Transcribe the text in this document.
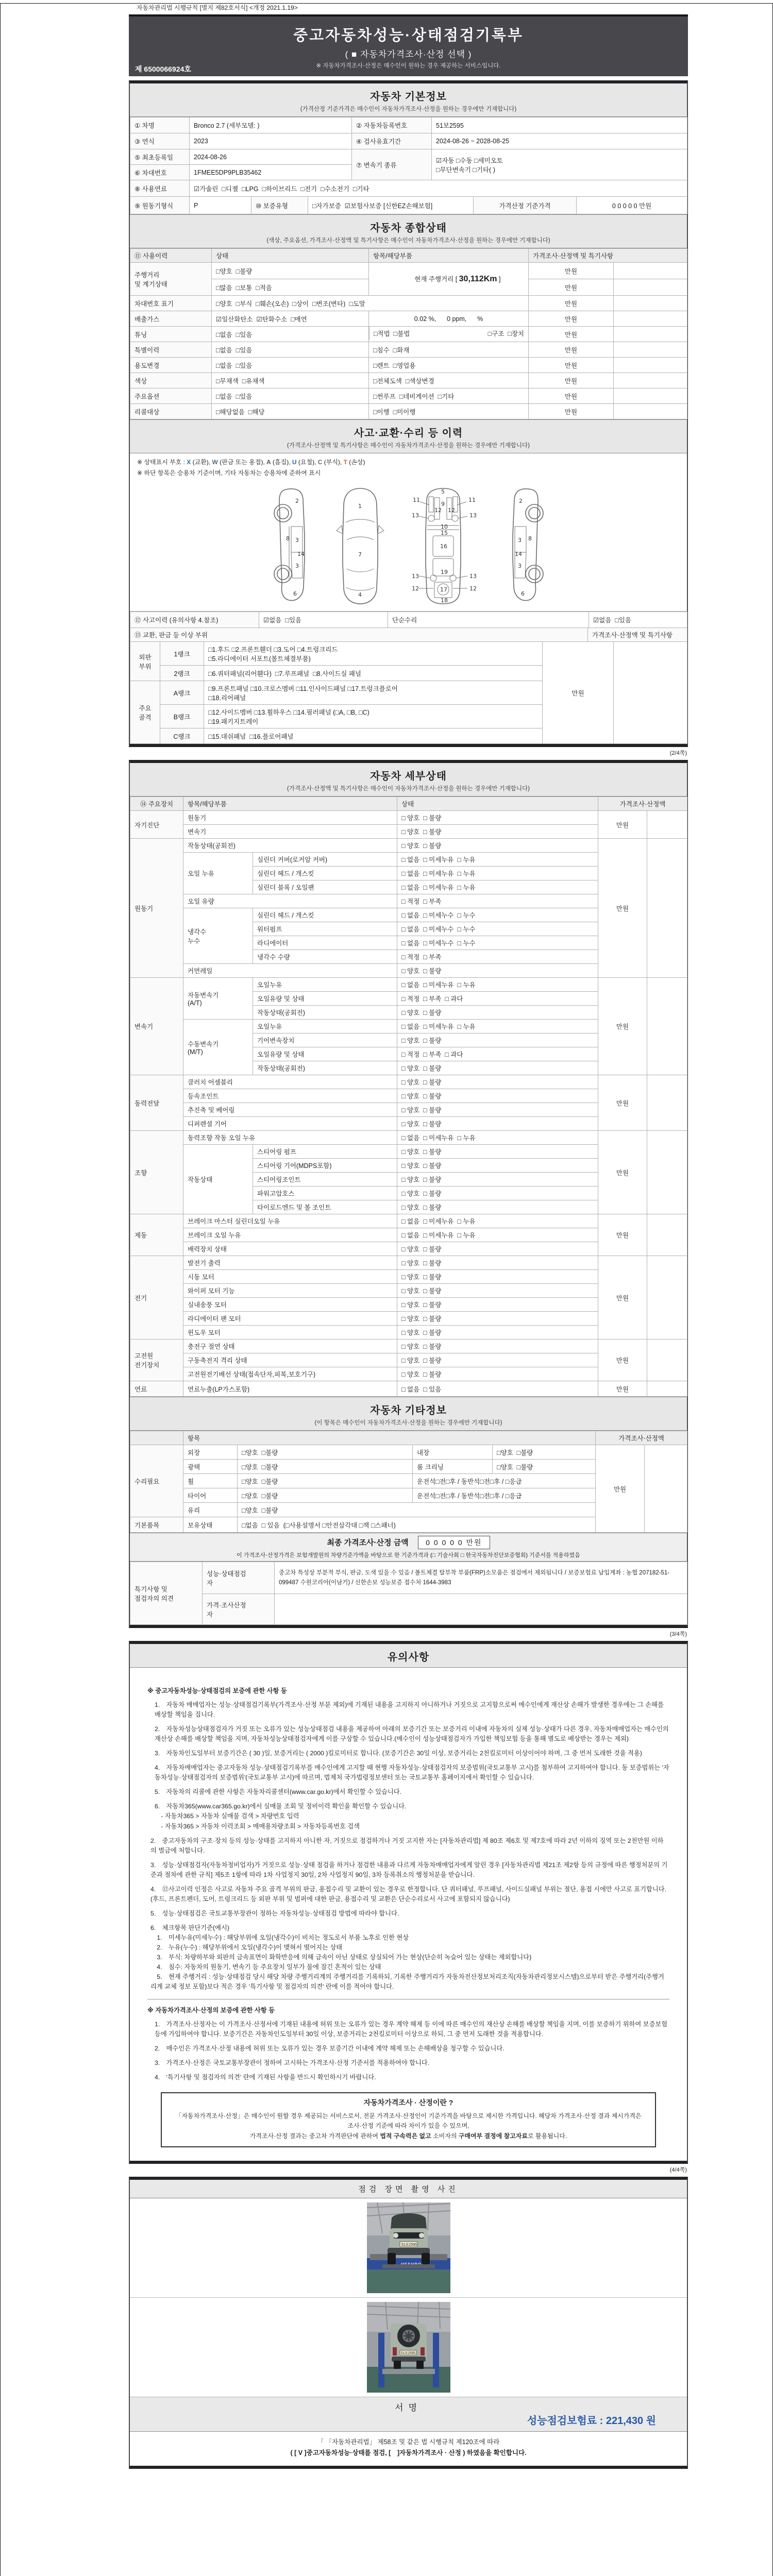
자동차관리법 시행규칙 [별지 제82호서식] <개정 2021.1.19>
중고자동차성능·상태점검기록부
( ■ 자동차가격조사·산정 선택 )
※ 자동차가격조사·산정은 매수인이 원하는 경우 제공하는 서비스입니다.
제 6500066924호
자동차 기본정보
(가격산정 기준가격은 매수인이 자동차가격조사·산정을 원하는 경우에만 기재합니다)
① 차명	Bronco 2.7 (세부모델: )	② 자동차등록번호	51보2595
③ 연식	2023	④ 검사유효기간	2024-08-26 ~ 2028-08-25
⑤ 최초등록일	2024-08-26	⑦ 변속기 종류	☑자동 □수동 □세미오토
□무단변속기 □기타( )
⑥ 차대번호	1FMEE5DP9PLB35462		
⑧ 사용연료	☑가솔린  □디젤  □LPG  □하이브리드  □전기  □수소전기  □기타		
⑨ 원동기형식	P	⑩ 보증유형	□자가보증  ☑보험사보증 [신한EZ손해보험]	가격산정 기준가격	0 0 0 0 0 만원
자동차 종합상태
(색상, 주요옵션, 가격조사·산정액 및 특기사항은 매수인이 자동차가격조사·산정을 원하는 경우에만 기재합니다)
⑪ 사용이력	상태	항목/해당부품	가격조사·산정액 및 특기사항	
주행거리
및 계기상태	□양호  □불량	현재 주행거리 [ 30,112Km ]	만원	
	□많음  □보통  □적음		만원	
차대번호 표기	□양호  □부식  □훼손(오손)  □상이  □변조(변타)  □도말		만원	
배출가스	☑일산화탄소  ☑탄화수소  □매연	0.02 %,      0 ppm,      %	만원	
튜닝	□없음  □있음		□적법  □불법	□구조  □장치	만원	
특별이력	□없음  □있음	□침수  □화재	만원	
용도변경	□없음  □있음	□렌트  □영업용	만원	
색상	□무채색  □유채색	□전체도색  □색상변경	만원	
주요옵션	□없음  □있음	□썬루프  □네비게이션  □기타	만원	
리콜대상	□해당없음  □해당	□이행  □미이행	만원	
사고·교환·수리 등 이력
(가격조사·산정액 및 특기사항은 매수인이 자동차가격조사·산정을 원하는 경우에만 기재합니다)
※ 상태표시 부호 : X (교환), W (판금 또는 용접), A (흠집), U (요철), C (부식), T (손상)
※ 하단 항목은 승용차 기준이며, 기타 자동차는 승용차에 준하여 표시
2
8 3
14
3
6
1
7
4
5
11	11
9
13
12 12
13
10
15
16
13
19
13
12	17	12
18
2
8
3
14
3
6
⑫ 사고이력 (유의사항 4.참조)	☑없음  □있음	단순수리	☑없음  □있음
⑬ 교환, 판금 등 이상 부위	가격조사·산정액 및 특기사항
외판
부위	1랭크	□1.후드 □2.프론트휀더 □3.도어 □4.트렁크리드
□5.라디에이터 서포트(볼트체결부품)	만원	
	2랭크	□6.쿼터패널(리어휀다)  □7.루프패널  □8.사이드실 패널		
주요
골격	A랭크	□9.프론트패널 □10.크로스멤버 □11.인사이드패널 □17.트렁크플로어
□18.리어패널		
	B랭크	□12.사이드멤버 □13.휠하우스 □14.필러패널 (□A, □B, □C)
□19.패키지트레이		
	C랭크	□15.대쉬패널  □16.플로어패널		
(2/4쪽)
자동차 세부상태
(가격조사·산정액 및 특기사항은 매수인이 자동차가격조사·산정을 원하는 경우에만 기재합니다)
⑭ 주요장치	항목/해당부품		상태	가격조사·산정액	
자기진단	원동기		□ 양호  □ 불량	만원	
	변속기		□ 양호  □ 불량		
원동기	작동상태(공회전)		□ 양호  □ 불량	만원	
	오일 누유	실린더 커버(로커암 커버)	□ 없음  □ 미세누유  □ 누유		
		실린더 헤드 / 개스킷	□ 없음  □ 미세누유  □ 누유		
		실린더 블록 / 오일팬	□ 없음  □ 미세누유  □ 누유		
	오일 유량		□ 적정  □ 부족		
	냉각수
누수	실린더 헤드 / 개스킷	□ 없음  □ 미세누수  □ 누수		
		워터펌프	□ 없음  □ 미세누수  □ 누수		
		라디에이터	□ 없음  □ 미세누수  □ 누수		
		냉각수 수량	□ 적정  □ 부족		
	커먼레일		□ 양호  □ 불량		
변속기	자동변속기
(A/T)	오일누유	□ 없음  □ 미세누유  □ 누유	만원	
		오일유량 및 상태	□ 적정  □ 부족  □ 과다		
		작동상태(공회전)	□ 양호  □ 불량		
	수동변속기
(M/T)	오일누유	□ 없음  □ 미세누유  □ 누유		
		기어변속장치	□ 양호  □ 불량		
		오일유량 및 상태	□ 적정  □ 부족  □ 과다		
		작동상태(공회전)	□ 양호  □ 불량		
동력전달	클러치 어셈블리		□ 양호  □ 불량	만원	
	등속조인트		□ 양호  □ 불량		
	추진축 및 베어링		□ 양호  □ 불량		
	디퍼렌셜 기어		□ 양호  □ 불량		
조향	동력조향 작동 오일 누유		□ 없음  □ 미세누유  □ 누유	만원	
	작동상태	스티어링 펌프	□ 양호  □ 불량		
		스티어링 기어(MDPS포함)	□ 양호  □ 불량		
		스티어링조인트	□ 양호  □ 불량		
		파워고압호스	□ 양호  □ 불량		
		타이로드엔드 및 볼 조인트	□ 양호  □ 불량		
제동	브레이크 마스터 실린더오일 누유		□ 없음  □ 미세누유  □ 누유	만원	
	브레이크 오일 누유		□ 없음  □ 미세누유  □ 누유		
	배력장치 상태		□ 양호  □ 불량		
전기	발전기 출력		□ 양호  □ 불량	만원	
	시동 모터		□ 양호  □ 불량		
	와이퍼 모터 기능		□ 양호  □ 불량		
	실내송풍 모터		□ 양호  □ 불량		
	라디에이터 팬 모터		□ 양호  □ 불량		
	윈도우 모터		□ 양호  □ 불량		
고전원
전기장치	충전구 절연 상태		□ 양호  □ 불량	만원	
	구동축전지 격리 상태		□ 양호  □ 불량		
	고전원전기배선 상태(접속단자,피복,보호기구)		□ 양호  □ 불량		
연료	연료누출(LP가스포함)		□ 없음  □ 있음	만원	
자동차 기타정보
(이 항목은 매수인이 자동차가격조사·산정을 원하는 경우에만 기재합니다)
	항목				가격조사·산정액	
수리필요	외장	□양호  □불량	내장	□양호  □불량	만원	
	광택	□양호  □불량	룸 크리닝	□양호  □불량		
	휠	□양호  □불량	운전석□전□후 / 동반석□전□후 / □응급			
	타이어	□양호  □불량	운전석□전□후 / 동반석□전□후 / □응급			
	유리	□양호  □불량				
기본품목	보유상태	□없음  □ 있음  (□사용설명서 □안전삼각대 □잭 □스패너)				
최종 가격조사·산정 금액 0 0 0 0 0 만원
이 가격조사·산정가격은 보험개발원의 차량기준가액을 바탕으로 한 기준가격과 (□ 기술사회 □ 한국자동차진단보증협회) 기준서를 적용하였음
특기사항 및
점검자의 의견	성능·상태점검
자	중고차 특성상 부분적 부식, 판금, 도색 있을 수 있음 / 볼트체결 탈부착 부품(FRP)소모품은 점검에서 제외됩니다 / 보증보험료 납입계좌 : 농협 207182-51-099487 수원코리아(이남기) / 신한손보 성능보증 접수처 1644-3983
	가격·조사산정
자	
(3/4쪽)
유의사항
※ 중고자동차성능·상태점검의 보증에 관한 사항 등
1.　자동차 매매업자는 성능·상태점검기록부(가격조사·산정 부분 제외)에 기재된 내용을 고지하지 아니하거나 거짓으로 고지함으로써 매수인에게 재산상 손해가 발생한 경우에는 그 손해를 배상할 책임을 집니다.
2.　자동차성능상태점검자가 거짓 또는 오류가 있는 성능상태점검 내용을 제공하여 아래의 보증기간 또는 보증거리 이내에 자동차의 실제 성능·상태가 다른 경우, 자동차매매업자는 매수인의 재산상 손해를 배상할 책임을 지며, 자동차성능상태점검자에게 이를 구상할 수 있습니다.(매수인이 성능상태점검자가 가입한 책임보험 등을 통해 별도로 배상받는 경우는 제외)
3.　자동차인도일부터 보증기간은 ( 30 )일, 보증거리는 ( 2000 )킬로미터로 합니다. (보증기간은 30일 이상, 보증거리는 2천킬로미터 이상이어야 하며, 그 중 먼저 도래한 것을 적용)
4.　자동차매매업자는 중고자동차 성능·상태점검기록부를 매수인에게 고지할 때 현행 자동차성능·상태점검자의 보증범위(국토교통부 고시)를 첨부하여 고지하여야 합니다. 동 보증범위는 '자동차성능·상태점검자의 보증범위'(국토교통부 고시)에 따르며, 법제처 국가법령정보센터 또는 국토교통부 홈페이지에서 확인할 수 있습니다.
5.　자동차의 리콜에 관한 사항은 자동차리콜센터(www.car.go.kr)에서 확인할 수 있습니다.
6.　자동차365(www.car365.go.kr)에서 실매물 조회 및 정비이력 확인을 확인할 수 있습니다.
　- 자동차365 > 자동차 실매물 검색 > 차량번호 입력
　- 자동차365 > 자동차 이력조회 > 매매용차량조회 > 자동차등록번호 검색
2.　중고자동차의 구조·장치 등의 성능·상태를 고지하지 아니한 자, 거짓으로 점검하거나 거짓 고지한 자는 [자동차관리법] 제 80조 제6호 및 제7호에 따라 2년 이하의 징역 또는 2천만원 이하의 벌금에 처합니다.
3.　성능·상태점검자(자동차정비업자)가 거짓으로 성능·상태 점검을 하거나 점검한 내용과 다르게 자동차매매업자에게 알린 경우 [자동차관리법 제21조 제2항 등의 규정에 따른 행정처분의 기준과 절차에 관한 규칙] 제5조 1항에 따라 1차 사업정지 30일, 2차 사업정지 90일, 3차 등록취소의 행정처분을 받습니다.
4.　⑫사고이력 인정은 사고로 자동차 주요 골격 부위의 판금, 용접수리 및 교환이 있는 경우로 한정합니다. 단 쿼터패널, 루프패널, 사이드실패널 부위는 절단, 용접 시에만 사고로 표기합니다. (후드, 프론트펜더, 도어, 트렁크리드 등 외판 부위 및 범퍼에 대한 판금, 용접수리 및 교환은 단순수리로서 사고에 포함되지 않습니다)
5.　성능·상태점검은 국토교통부장관이 정하는 자동차성능·상태점검 방법에 따라야 합니다.
6.　체크항목 판단기준(예시)
　1.　미세누유(미세누수) : 해당부위에 오일(냉각수)이 비치는 정도로서 부품 노후로 인한 현상
　2.　누유(누수) : 해당부위에서 오일(냉각수)이 맺혀서 떨어지는 상태
　3.　부식: 차량하부와 외판의 금속표면이 화학반응에 의해 금속이 아닌 상태로 상실되어 가는 현상(단순히 녹슬어 있는 상태는 제외합니다)
　4.　침수: 자동차의 원동기, 변속기 등 주요장치 일부가 물에 잠긴 흔적이 있는 상태
　5.　현재 주행거리 : 성능·상태점검 당시 해당 차량 주행거리계의 주행거리를 기록하되, 기록한 주행거리가 자동차전산정보처리조직(자동차관리정보시스템)으로부터 받은 주행거리(주행거리계 교체 정보 포함)보다 적은 경우 '특기사항 및 점검자의 의견' 란에 이를 적어야 합니다.
※ 자동차가격조사·산정의 보증에 관한 사항 등
1.　가격조사·산정자는 이 가격조사·산정서에 기재된 내용에 허위 또는 오류가 있는 경우 계약 해제 등 이에 따른 매수인의 재산상 손해를 배상할 책임을 지며, 이를 보증하기 위하여 보증보험 등에 가입하여야 합니다. 보증기간은 자동차인도일부터 30일 이상, 보증거리는 2천킬로미터 이상으로 하되, 그 중 먼저 도래한 것을 적용합니다.
2.　매수인은 가격조사·산정 내용에 허위 또는 오류가 있는 경우 보증기간 이내에 계약 해제 또는 손해배상을 청구할 수 있습니다.
3.　가격조사·산정은 국토교통부장관이 정하여 고시하는 가격조사·산정 기준서를 적용하여야 합니다.
4.　'특기사항 및 점검자의 의견' 란에 기재된 사항을 반드시 확인하시기 바랍니다.
자동차가격조사 · 산정이란 ?
「자동차가격조사·산정」은 매수인이 원할 경우 제공되는 서비스로서, 전문 가격조사·산정인이 기준가격을 바탕으로 제시한 가격입니다. 해당차 가격조사·산정 결과 제시가격은 조사·산정 기준에 따라 차이가 있을 수 있으며,
가격조사·산정 결과는 중고차 가격판단에 관하여 법적 구속력은 없고 소비자의 구매여부 결정에 참고자료로 활용됩니다.
(4/4쪽)
점검 장면 촬영 사진
51보2595
51보2595
서명
성능점검보험료 : 221,430 원
「 「자동차관리법」 제58조 및 같은 법 시행규칙 제120조에 따라
( [ V ]중고자동차성능·상태를 점검, [　]자동차가격조사 · 산정 ) 하였음을 확인합니다.
